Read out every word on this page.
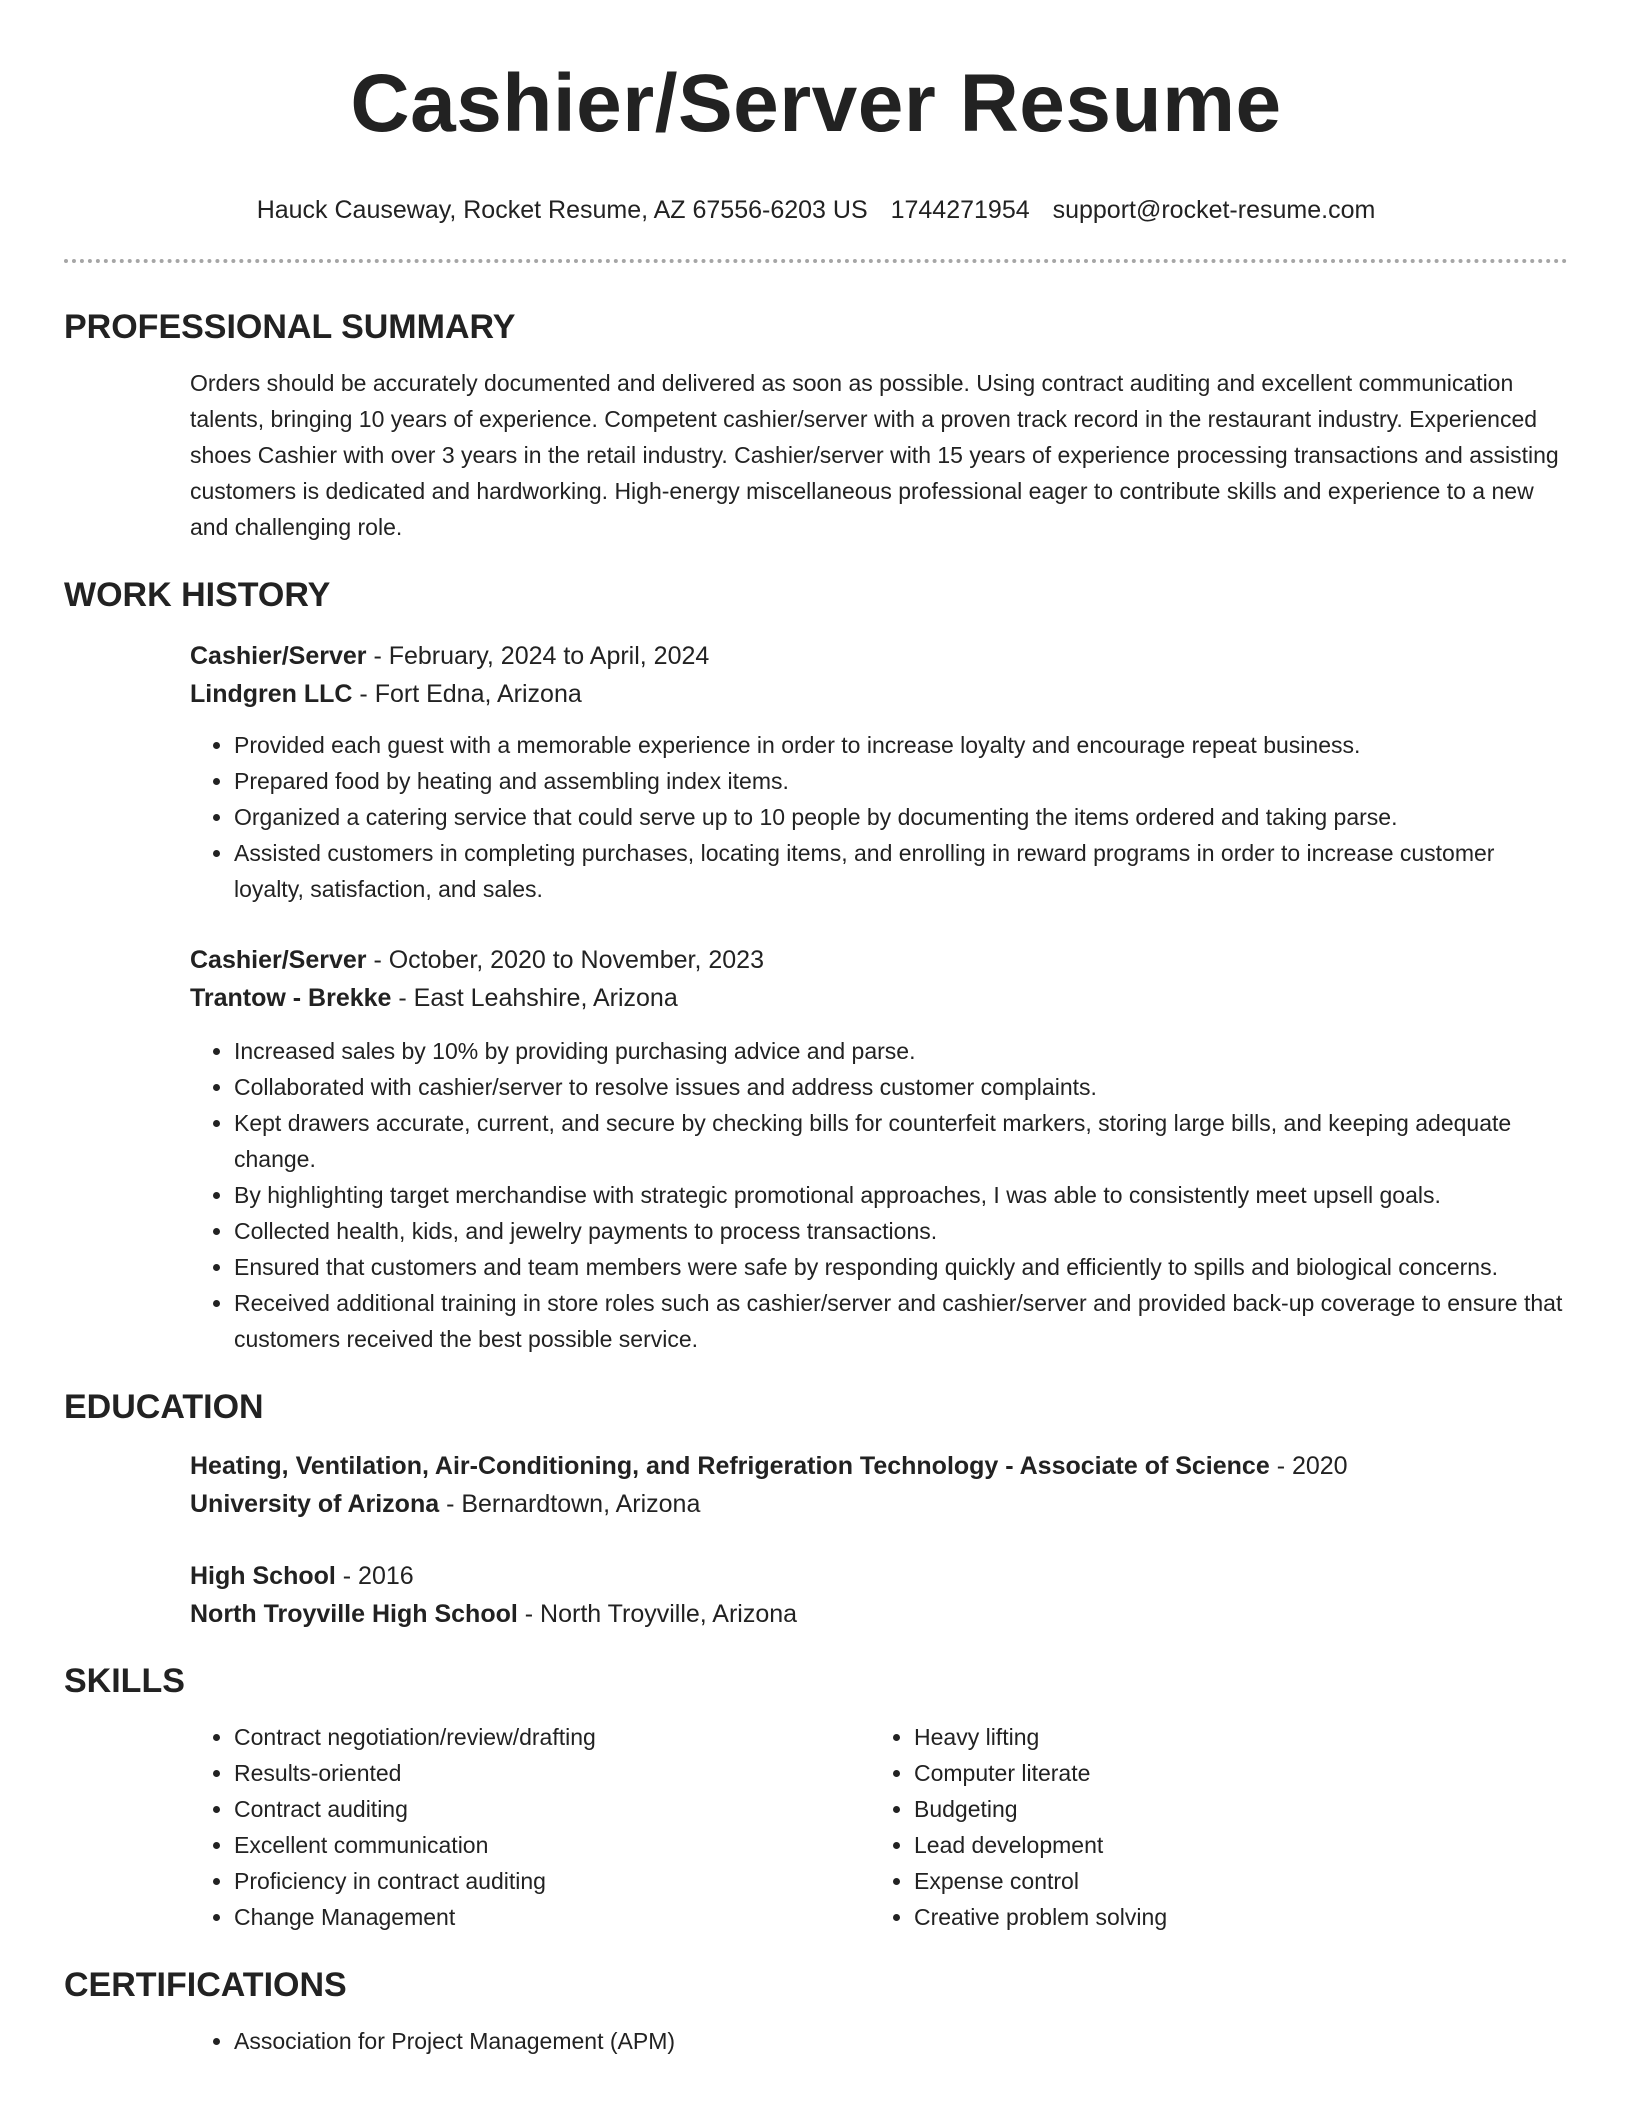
Cashier/Server Resume
Hauck Causeway, Rocket Resume, AZ 67556-6203 US 1744271954 support@rocket-resume.com
PROFESSIONAL SUMMARY

Orders should be accurately documented and delivered as soon as possible. Using contract auditing and excellent communication talents, bringing 10 years of experience. Competent cashier/server with a proven track record in the restaurant industry. Experienced shoes Cashier with over 3 years in the retail industry. Cashier/server with 15 years of experience processing transactions and assisting customers is dedicated and hardworking. High-energy miscellaneous professional eager to contribute skills and experience to a new and challenging role.

WORK HISTORY

Cashier/Server - February, 2024 to April, 2024

Lindgren LLC - Fort Edna, Arizona

• Provided each guest with a memorable experience in order to increase loyalty and encourage repeat business.
• Prepared food by heating and assembling index items.
• Organized a catering service that could serve up to 10 people by documenting the items ordered and taking parse.
• Assisted customers in completing purchases, locating items, and enrolling in reward programs in order to increase customer loyalty, satisfaction, and sales.

Cashier/Server - October, 2020 to November, 2023

Trantow - Brekke - East Leahshire, Arizona

• Increased sales by 10% by providing purchasing advice and parse.
• Collaborated with cashier/server to resolve issues and address customer complaints.
• Kept drawers accurate, current, and secure by checking bills for counterfeit markers, storing large bills, and keeping adequate change.
• By highlighting target merchandise with strategic promotional approaches, I was able to consistently meet upsell goals.
• Collected health, kids, and jewelry payments to process transactions.
• Ensured that customers and team members were safe by responding quickly and efficiently to spills and biological concerns.
• Received additional training in store roles such as cashier/server and cashier/server and provided back-up coverage to ensure that customers received the best possible service.
EDUCATION

Heating, Ventilation, Air-Conditioning, and Refrigeration Technology - Associate of Science - 2020

University of Arizona - Bernardtown, Arizona

High School - 2016

North Troyville High School - North Troyville, Arizona

SKILLS
• Contract negotiation/review/drafting
• Results-oriented
• Contract auditing
• Excellent communication
• Proficiency in contract auditing
• Change Management
• Heavy lifting
• Computer literate
• Budgeting
• Lead development
• Expense control
• Creative problem solving
CERTIFICATIONS
• Association for Project Management (APM)
